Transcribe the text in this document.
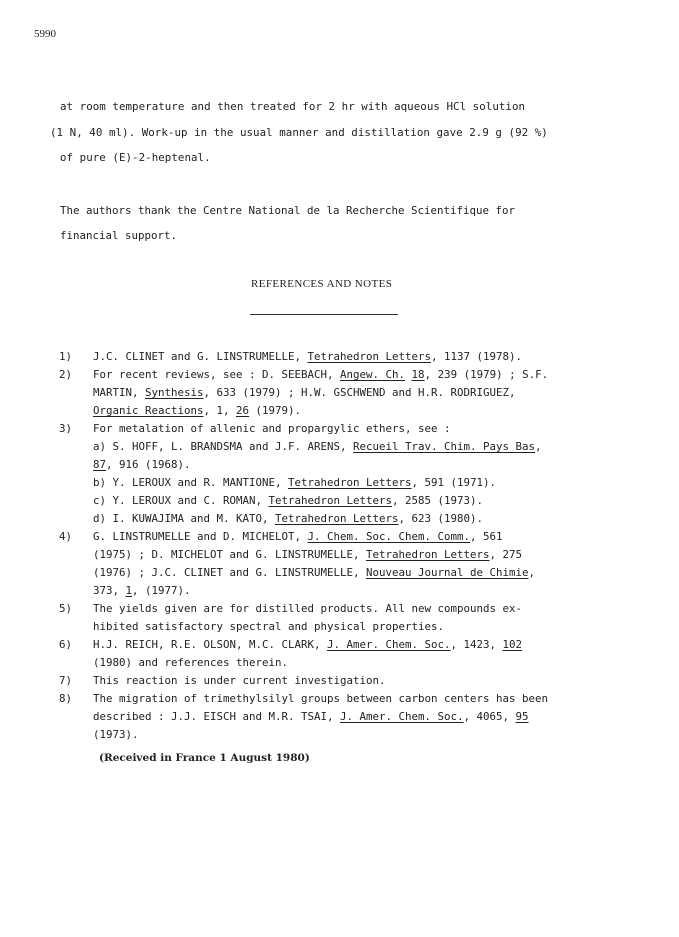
5990
at room temperature and then treated for 2 hr with aqueous HCl solution
(1 N, 40 ml). Work-up in the usual manner and distillation gave 2.9 g (92 %)
of pure (E)-2-heptenal.
The authors thank the Centre National de la Recherche Scientifique for
financial support.
REFERENCES AND NOTES
1) J.C. CLINET and G. LINSTRUMELLE, Tetrahedron Letters, 1137 (1978).
2) For recent reviews, see : D. SEEBACH, Angew. Ch. 18, 239 (1979) ; S.F.
MARTIN, Synthesis, 633 (1979) ; H.W. GSCHWEND and H.R. RODRIGUEZ,
Organic Reactions, 1, 26 (1979).
3) For metalation of allenic and propargylic ethers, see :
a) S. HOFF, L. BRANDSMA and J.F. ARENS, Recueil Trav. Chim. Pays Bas,
87, 916 (1968).
b) Y. LEROUX and R. MANTIONE, Tetrahedron Letters, 591 (1971).
c) Y. LEROUX and C. ROMAN, Tetrahedron Letters, 2585 (1973).
d) I. KUWAJIMA and M. KATO, Tetrahedron Letters, 623 (1980).
4) G. LINSTRUMELLE and D. MICHELOT, J. Chem. Soc. Chem. Comm., 561
(1975) ; D. MICHELOT and G. LINSTRUMELLE, Tetrahedron Letters, 275
(1976) ; J.C. CLINET and G. LINSTRUMELLE, Nouveau Journal de Chimie,
373, 1, (1977).
5) The yields given are for distilled products. All new compounds ex-
hibited satisfactory spectral and physical properties.
6) H.J. REICH, R.E. OLSON, M.C. CLARK, J. Amer. Chem. Soc., 1423, 102
(1980) and references therein.
7) This reaction is under current investigation.
8) The migration of trimethylsilyl groups between carbon centers has been
described : J.J. EISCH and M.R. TSAI, J. Amer. Chem. Soc., 4065, 95
(1973).
(Received in France 1 August 1980)
